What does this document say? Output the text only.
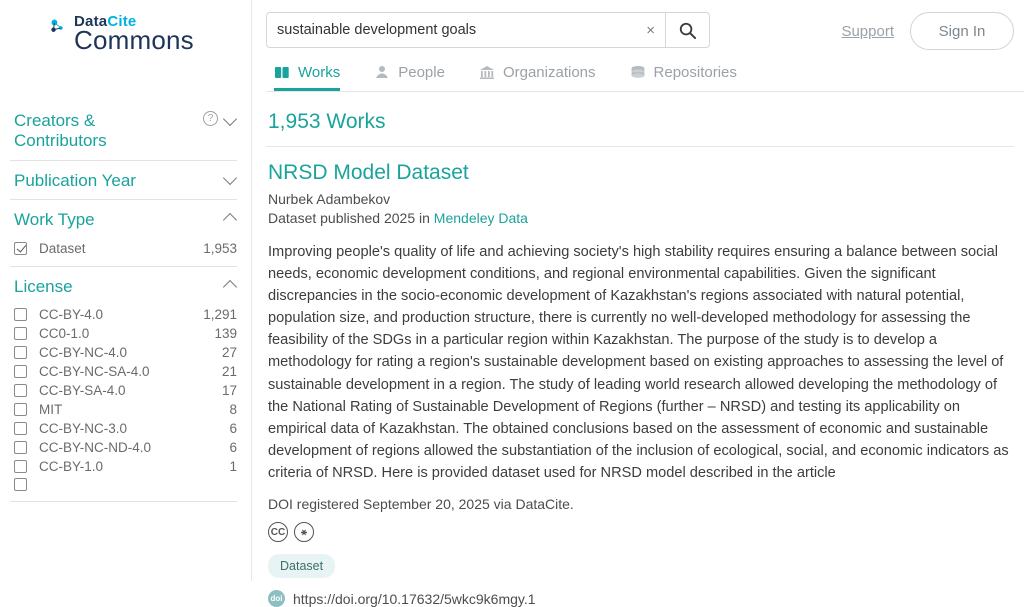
DataCite
Commons
Creators & Contributors
?
Publication Year
Work Type
Dataset	1,953
License
CC-BY-4.0	1,291
CC0-1.0	139
CC-BY-NC-4.0	27
CC-BY-NC-SA-4.0	21
CC-BY-SA-4.0	17
MIT	8
CC-BY-NC-3.0	6
CC-BY-NC-ND-4.0	6
CC-BY-1.0	1
sustainable development goals	×	Support	Sign In
Works	People	Organizations	Repositories
1,953 Works
NRSD Model Dataset
Nurbek Adambekov
Dataset published 2025 in Mendeley Data

Improving people's quality of life and achieving society's high stability requires ensuring a balance between social needs, economic development conditions, and regional environmental capabilities. Given the significant discrepancies in the socio-economic development of Kazakhstan's regions associated with natural potential, population size, and production structure, there is currently no well-developed methodology for assessing the feasibility of the SDGs in a particular region within Kazakhstan. The purpose of the study is to develop a methodology for rating a region's sustainable development based on existing approaches to assessing the level of sustainable development in a region. The study of leading world research allowed developing the methodology of the National Rating of Sustainable Development of Regions (further – NRSD) and testing its applicability on empirical data of Kazakhstan. The obtained conclusions based on the assessment of economic and sustainable development of regions allowed the substantiation of the inclusion of ecological, social, and economic indicators as criteria of NRSD. Here is provided dataset used for NRSD model described in the article

DOI registered September 20, 2025 via DataCite.
CC	⚹
Dataset
doi https://doi.org/10.17632/5wkc9k6mgy.1
